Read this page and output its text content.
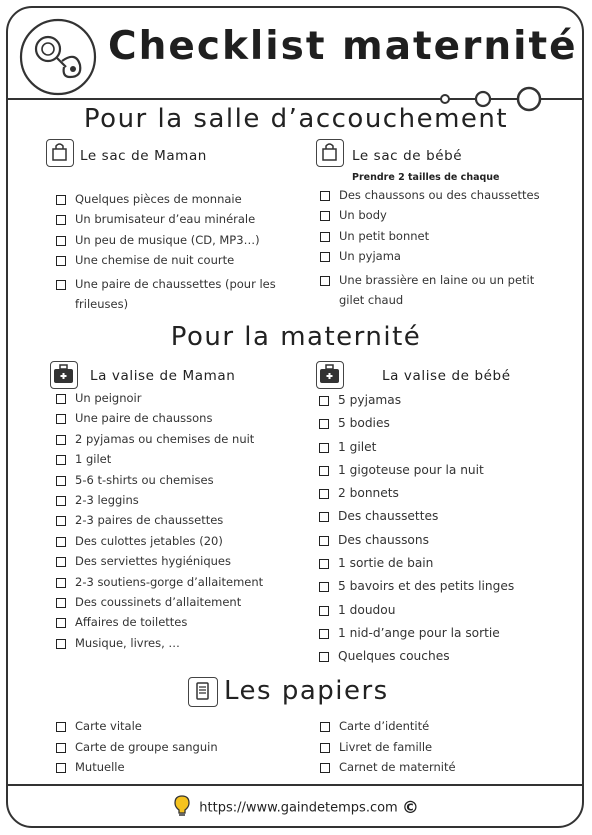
Checklist maternité
Pour la salle d’accouchement
Le sac de Maman	Le sac de bébé
Prendre 2 tailles de chaque
Quelques pièces de monnaie
Un brumisateur d’eau minérale
Un peu de musique (CD, MP3…)
Une chemise de nuit courte
Une paire de chaussettes (pour les frileuses)
Des chaussons ou des chaussettes
Un body
Un petit bonnet
Un pyjama
Une brassière en laine ou un petit gilet chaud
Pour la maternité
La valise de Maman	La valise de bébé
Un peignoir
Une paire de chaussons
2 pyjamas ou chemises de nuit
1 gilet
5-6 t-shirts ou chemises
2-3 leggins
2-3 paires de chaussettes
Des culottes jetables (20)
Des serviettes hygiéniques
2-3 soutiens-gorge d’allaitement
Des coussinets d’allaitement
Affaires de toilettes
Musique, livres, …
5 pyjamas
5 bodies
1 gilet
1 gigoteuse pour la nuit
2 bonnets
Des chaussettes
Des chaussons
1 sortie de bain
5 bavoirs et des petits linges
1 doudou
1 nid-d’ange pour la sortie
Quelques couches
Les papiers
Carte vitale
Carte de groupe sanguin
Mutuelle
Carte d’identité
Livret de famille
Carnet de maternité
https://www.gaindetemps.com ©
